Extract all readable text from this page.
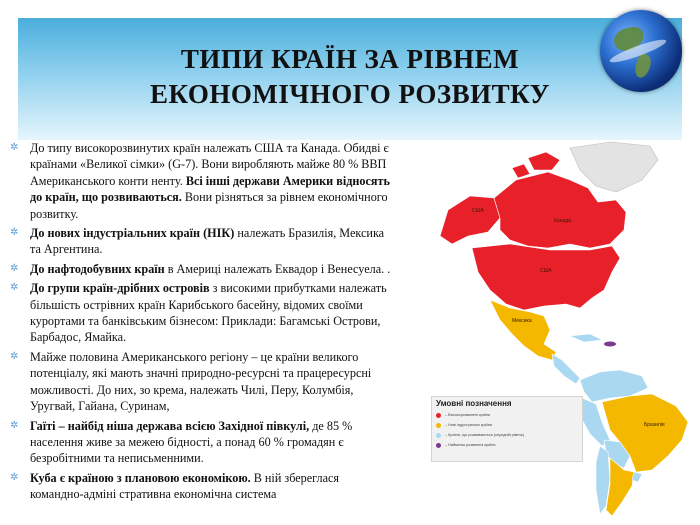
ТИПИ КРАЇН ЗА РІВНЕМ
ЕКОНОМІЧНОГО РОЗВИТКУ
✲ До типу високорозвинутих країн належать США та Канада. Обидві є країнами «Великої сімки» (G-7). Вони виробляють майже 80 % ВВП Американського конти ненту. Всі інші держави Америки відносять до країн, що розвиваються. Вони різняться за рівнем економічного розвитку.
✲ До нових індустріальних країн (НІК) належать Бразилія, Мексика та Аргентина.
✲ До нафтодобувних країн в Америці належать Еквадор і Венесуела. .
✲ До групи країн-дрібних островів з високими прибутками належать більшість острівних країн Карибського басейну, відомих своїми курортами та банківським бізнесом: Приклади: Багамські Острови, Барбадос, Ямайка.
✲ Майже половина Американського регіону – це країни великого потенціалу, які мають значні природно-ресурсні та працересурсні можливості. До них, зо крема, належать Чилі, Перу, Колумбія, Уругвай, Гайана, Суринам,
✲ Гаїті – найбід ніша держава всією Західної півкулі, де 85 % населення живе за межею бідності, а понад 60 % громадян є безробітними та неписьменними.
✲ Куба є країною з плановою економікою. В ній збереглася командно-адміні стративна економічна система
США
Канада
США
Мексика
Бразилія
Умовні позначення
– Високорозвинені країни
– Нові індустріальні країни
– Країни, що розвиваються (середній рівень)
– Найменш розвинені країни
